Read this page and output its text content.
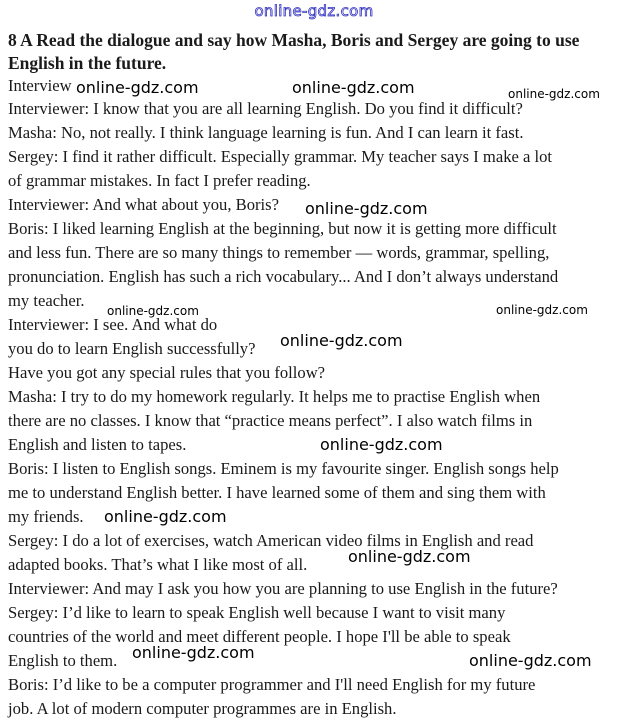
online-gdz.com
8 A Read the dialogue and say how Masha, Boris and Sergey are going to use
English in the future.
Interview
Interviewer: I know that you are all learning English. Do you find it difficult?
Masha: No, not really. I think language learning is fun. And I can learn it fast.
Sergey: I find it rather difficult. Especially grammar. My teacher says I make a lot
of grammar mistakes. In fact I prefer reading.
Interviewer: And what about you, Boris?
Boris: I liked learning English at the beginning, but now it is getting more difficult
and less fun. There are so many things to remember — words, grammar, spelling,
pronunciation. English has such a rich vocabulary... And I don’t always understand
my teacher.
Interviewer: I see. And what do
you do to learn English successfully?
Have you got any special rules that you follow?
Masha: I try to do my homework regularly. It helps me to practise English when
there are no classes. I know that “practice means perfect”. I also watch films in
English and listen to tapes.
Boris: I listen to English songs. Eminem is my favourite singer. English songs help
me to understand English better. I have learned some of them and sing them with
my friends.
Sergey: I do a lot of exercises, watch American video films in English and read
adapted books. That’s what I like most of all.
Interviewer: And may I ask you how you are planning to use English in the future?
Sergey: I’d like to learn to speak English well because I want to visit many
countries of the world and meet different people. I hope I'll be able to speak
English to them.
Boris: I’d like to be a computer programmer and I'll need English for my future
job. A lot of modern computer programmes are in English.
online-gdz.com	online-gdz.com	online-gdz.com
online-gdz.com
online-gdz.com	online-gdz.com
online-gdz.com
online-gdz.com
online-gdz.com
online-gdz.com
online-gdz.com	online-gdz.com
